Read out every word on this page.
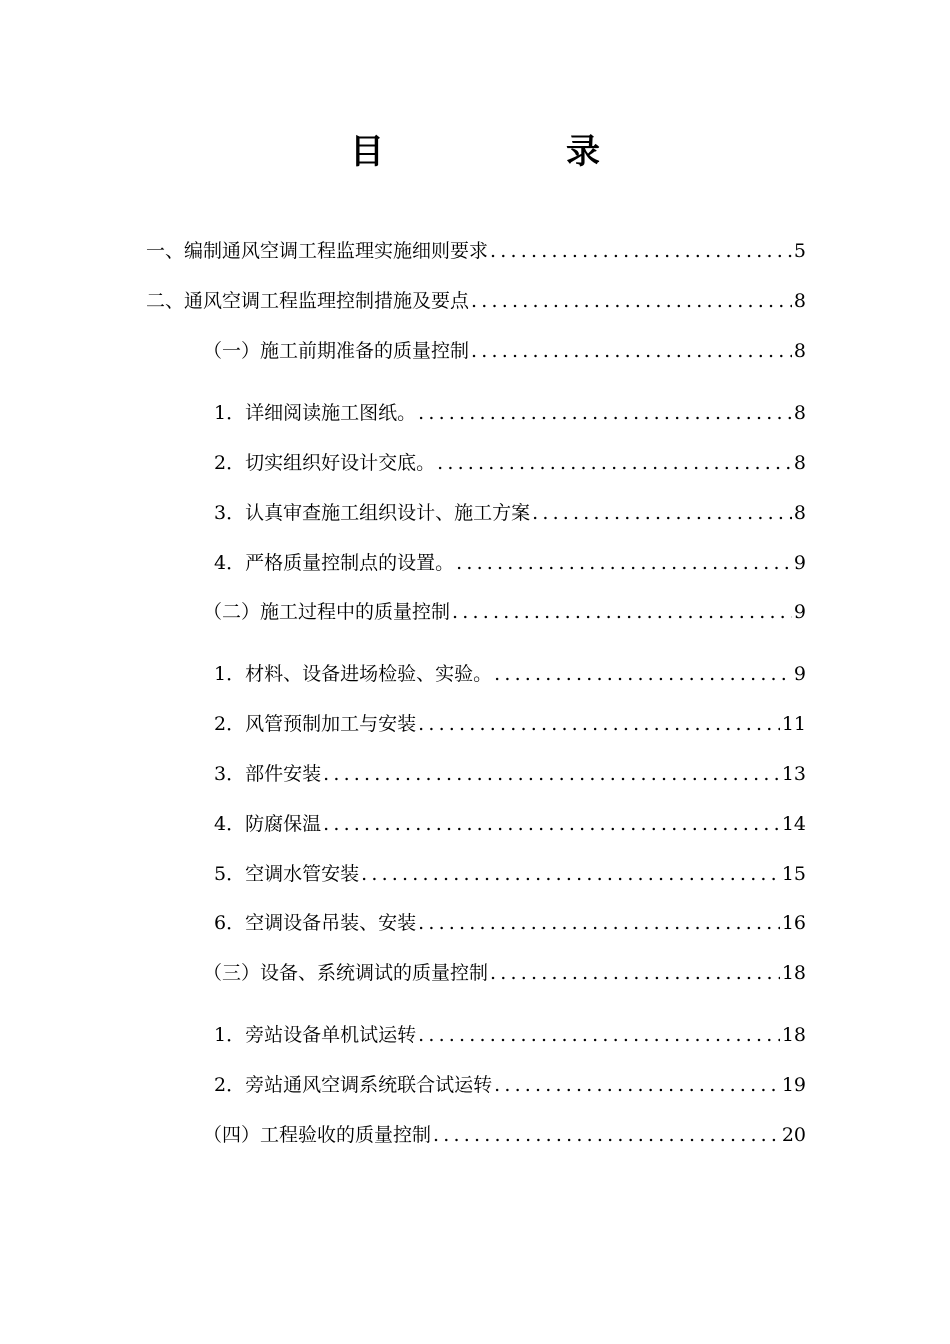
目　录
一、编制通风空调工程监理实施细则要求 .....	5
二、通风空调工程监理控制措施及要点 .....	8
（一）施工前期准备的质量控制 .....	8
1．详细阅读施工图纸。 .....	8
2．切实组织好设计交底。 .....	8
3．认真审查施工组织设计、施工方案 .....	8
4．严格质量控制点的设置。 .....	9
（二）施工过程中的质量控制 .....	9
1．材料、设备进场检验、实验。 .....	9
2．风管预制加工与安装 .....	11
3．部件安装 .....	13
4．防腐保温 .....	14
5．空调水管安装 .....	15
6．空调设备吊装、安装 .....	16
（三）设备、系统调试的质量控制 .....	18
1．旁站设备单机试运转 .....	18
2．旁站通风空调系统联合试运转 .....	19
（四）工程验收的质量控制 .....	20
